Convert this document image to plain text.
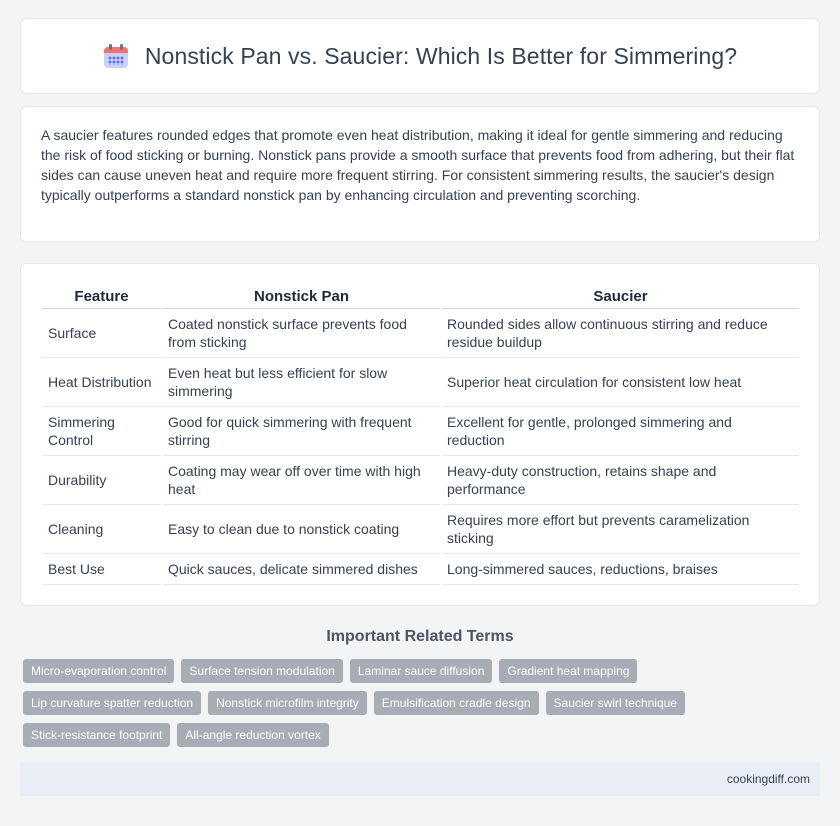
Nonstick Pan vs. Saucier: Which Is Better for Simmering?

A saucier features rounded edges that promote even heat distribution, making it ideal for gentle simmering and reducing the risk of food sticking or burning. Nonstick pans provide a smooth surface that prevents food from adhering, but their flat sides can cause uneven heat and require more frequent stirring. For consistent simmering results, the saucier's design typically outperforms a standard nonstick pan by enhancing circulation and preventing scorching.

Feature	Nonstick Pan	Saucier
Surface	Coated nonstick surface prevents food from sticking	Rounded sides allow continuous stirring and reduce residue buildup
Heat Distribution	Even heat but less efficient for slow simmering	Superior heat circulation for consistent low heat
Simmering Control	Good for quick simmering with frequent stirring	Excellent for gentle, prolonged simmering and reduction
Durability	Coating may wear off over time with high heat	Heavy-duty construction, retains shape and performance
Cleaning	Easy to clean due to nonstick coating	Requires more effort but prevents caramelization sticking
Best Use	Quick sauces, delicate simmered dishes	Long-simmered sauces, reductions, braises
Important Related Terms
Micro-evaporation control	Surface tension modulation	Laminar sauce diffusion	Gradient heat mapping
Lip curvature spatter reduction	Nonstick microfilm integrity	Emulsification cradle design	Saucier swirl technique
Stick-resistance footprint	All-angle reduction vortex
cookingdiff.com
